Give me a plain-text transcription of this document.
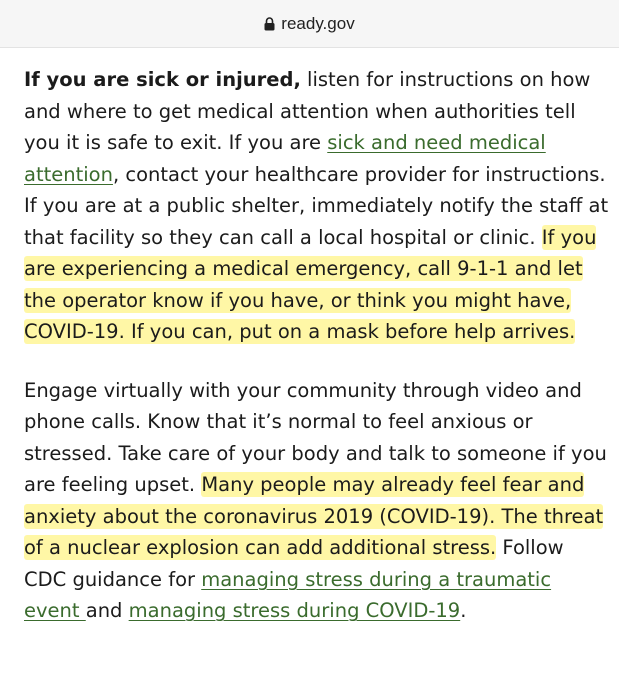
ready.gov

If you are sick or injured, listen for instructions on how and where to get medical attention when authorities tell you it is safe to exit. If you are sick and need medical attention, contact your healthcare provider for instructions. If you are at a public shelter, immediately notify the staff at that facility so they can call a local hospital or clinic. If you are experiencing a medical emergency, call 9-1-1 and let the operator know if you have, or think you might have, COVID-19. If you can, put on a mask before help arrives.

Engage virtually with your community through video and phone calls. Know that it’s normal to feel anxious or stressed. Take care of your body and talk to someone if you are feeling upset. Many people may already feel fear and anxiety about the coronavirus 2019 (COVID-19). The threat of a nuclear explosion can add additional stress. Follow CDC guidance for managing stress during a traumatic event and managing stress during COVID-19.
